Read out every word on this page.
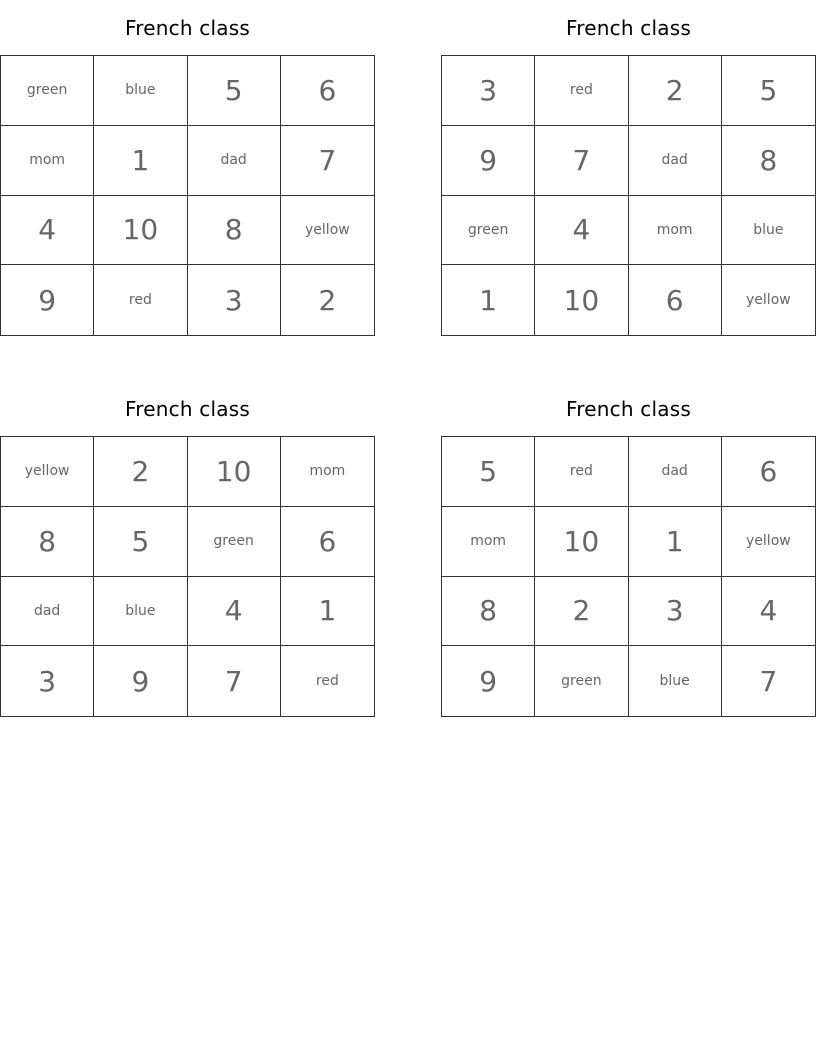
French class
green	blue	5	6
mom	1	dad	7
4	10	8	yellow
9	red	3	2
French class
3	red	2	5
9	7	dad	8
green	4	mom	blue
1	10	6	yellow
French class
yellow	2	10	mom
8	5	green	6
dad	blue	4	1
3	9	7	red
French class
5	red	dad	6
mom	10	1	yellow
8	2	3	4
9	green	blue	7
